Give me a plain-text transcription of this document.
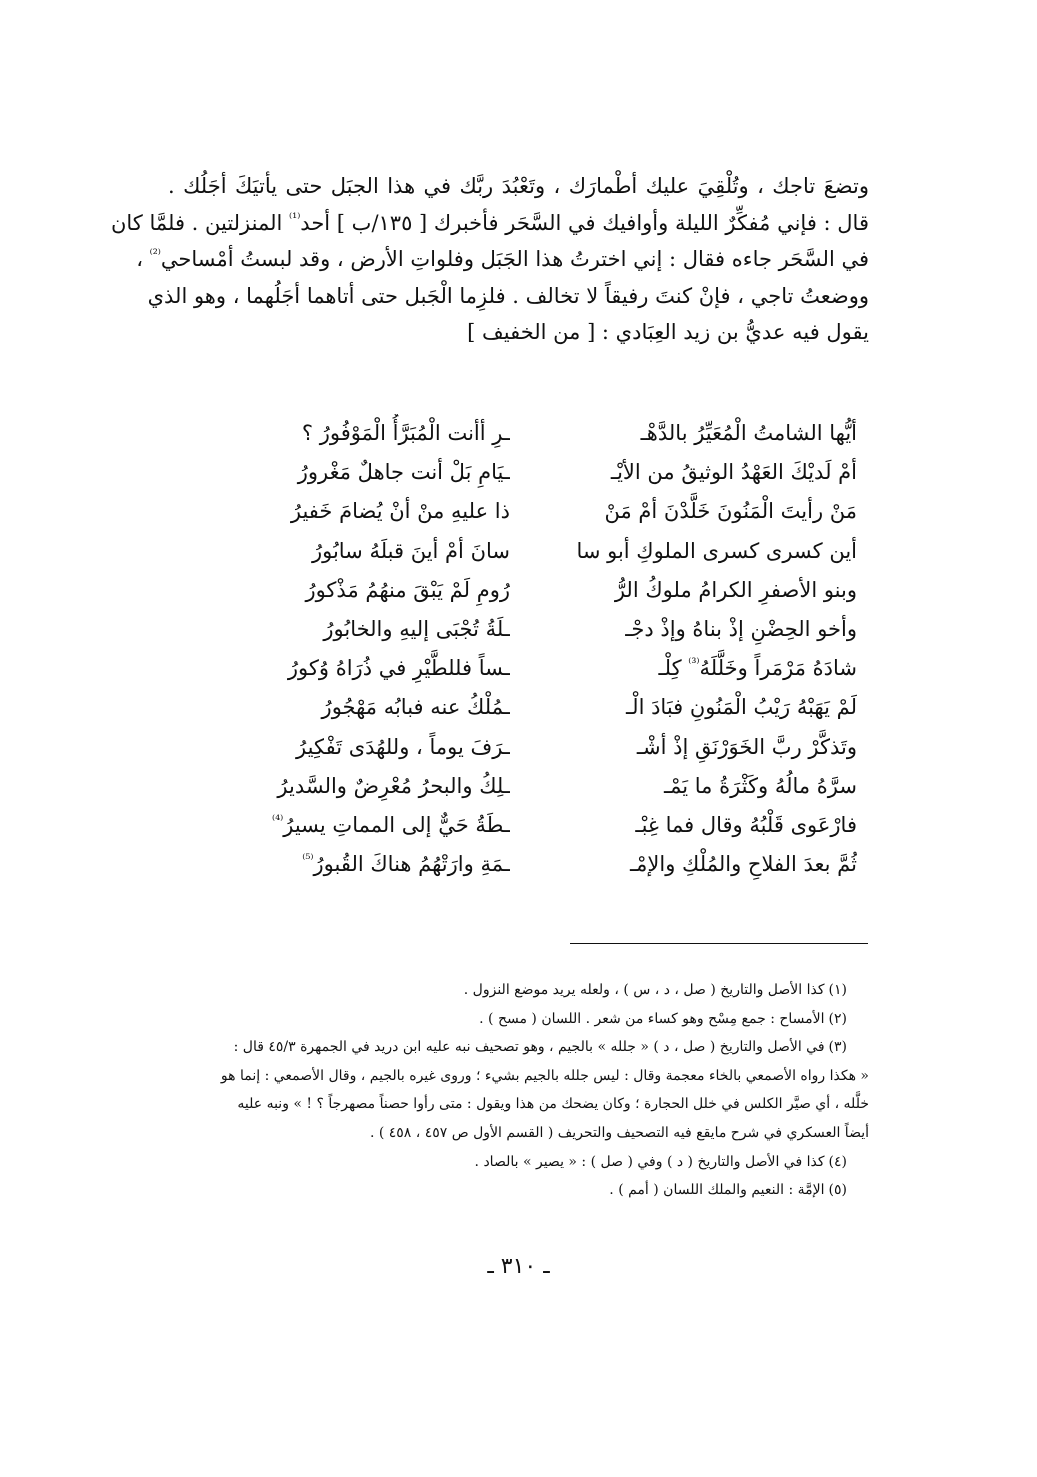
وتضعَ تاجك ، وتُلْقِيَ عليك أطْمارَك ، وتَعْبُدَ ربَّك في هذا الجبَل حتى يأتيَكَ أجَلُك .
قال : فإني مُفكِّرٌ الليلة وأوافيك في السَّحَر فأخبرك [ ١٣٥/ب ] أحد$^{^{(1)}}$ المنزلتين . فلمَّا كان
في السَّحَر جاءه فقال : إني اخترتُ هذا الجَبَل وفلواتِ الأرض ، وقد لبستُ أمْساحي$^{^{(2)}}$ ،
ووضعتُ تاجي ، فإنْ كنتَ رفيقاً لا تخالف . فلزِما الْجَبل حتى أتاهما أجَلُهما ، وهو الذي
يقول فيه عديُّ بن زيد العِبَادي : [ من الخفيف ]
أيُّها الشامتُ الْمُعَيِّرُ بالدَّهْـ
ـرِ أأنت الْمُبَرَّأُ الْمَوْفُورُ ؟
أمْ لَديْكَ العَهْدُ الوثيقُ من الأيْـ
ـيَامِ بَلْ أنت جاهلٌ مَغْرورُ
مَنْ رأيتَ الْمَنُونَ خَلَّدْنَ أمْ مَنْ
ذا عليهِ منْ أنْ يُضامَ خَفيرُ
أين كسرى كسرى الملوكِ أبو سا
سانَ أمْ أينَ قبلَهُ سابُورُ
وبنو الأصفرِ الكرامُ ملوكُ الرُّ
رُومِ لَمْ يَبْقَ منهُمُ مَذْكورُ
وأخو الحِضْنِ إذْ بناهُ وإذْ دجْـ
ـلَةُ تُجْبَى إليهِ والخابُورُ
شادَهُ مَرْمَراً وخَلَّلَهُ$^{^{(3)}}$ كِلْـ
ـساً فللطَّيْرِ في ذُرَاهُ وُكورُ
لَمْ يَهَبْهُ رَيْبُ الْمَنُونِ فبَادَ الْـ
ـمُلْكُ عنه فبابُه مَهْجُورُ
وتَذكَّرْ ربَّ الخَوَرْنَقِ إذْ أشْـ
ـرَفَ يوماً ، وللهُدَى تَفْكِيرُ
سرَّهُ مالُهُ وكَثْرَةُ ما يَمْـ
ـلِكُ والبحرُ مُعْرِضٌ والسَّديرُ
فارْعَوى قَلْبُهُ وقال فما غِبْـ
ـطَةُ حَيٌّ إلى المماتِ يسيرُ$^{^{(4)}}$
ثُمَّ بعدَ الفلاحِ والمُلْكِ والإمْـ
ـمَةِ وارَتْهُمُ هناكَ القُبورُ$^{^{(5)}}$
(١)كذا الأصل والتاريخ ( صل ، د ، س ) ، ولعله يريد موضع النزول .
(٢)الأمساح : جمع مِسْح وهو كساء من شعر . اللسان ( مسح ) .
(٣)في الأصل والتاريخ ( صل ، د ) « جلله » بالجيم ، وهو تصحيف نبه عليه ابن دريد في الجمهرة ٤٥/٣ قال :
« هكذا رواه الأصمعي بالخاء معجمة وقال : ليس جلله بالجيم بشيء ؛ وروى غيره بالجيم ، وقال الأصمعي : إنما هو
خلَّله ، أي صيَّر الكلس في خلل الحجارة ؛ وكان يضحك من هذا ويقول : متى رأوا حصناً مصهرجاً ؟ ! » ونبه عليه
أيضاً العسكري في شرح مايقع فيه التصحيف والتحريف ( القسم الأول ص ٤٥٧ ، ٤٥٨ ) .
(٤)كذا في الأصل والتاريخ ( د ) وفي ( صل ) : « يصير » بالصاد .
(٥)الإمَّة : النعيم والملك اللسان ( أمم ) .
ـ ٣١٠ ـ
